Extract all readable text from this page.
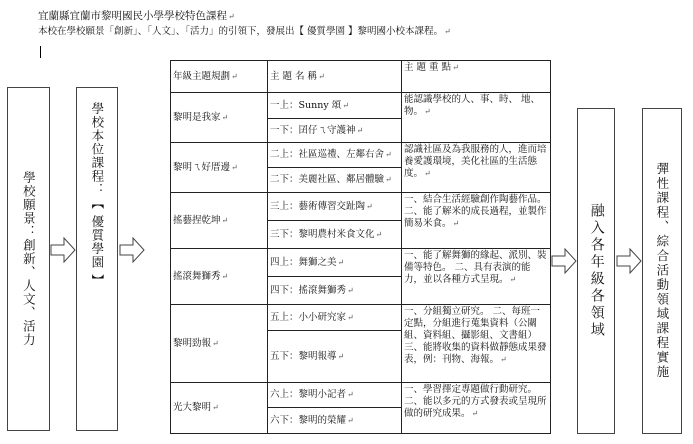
宜蘭縣宜蘭市黎明國民小學學校特色課程↵
本校在學校願景「創新」、「人文」、「活力」的引領下，發展出【 優質學園 】黎明國小校本課程。↵
學校願景：創新、人文、活力	學校本位課程：【 優質學園 】
年級主題規劃↵	主 題 名 稱↵	主 題 重 點↵
黎明是我家↵	一上：Sunny 頌↵	能認識學校的人、事、時、 地、物。↵
	一下：囝仔ㄟ守護神↵	
黎明ㄟ好厝邊↵	二上：社區巡禮、左鄰右舍↵	認識社區及為我服務的人，進而培養愛護環境，美化社區的生活態度。↵
	二下：美麗社區、鄰居體驗↵	
搖藝捏乾坤↵	三上：藝術傳習交趾陶↵	一、結合生活經驗創作陶藝作品。 二、能了解米的成長過程，並製作簡易米食。↵
	三下：黎明農村米食文化↵	
搖滾舞獅秀↵	四上：舞獅之美↵	一、能了解舞獅的緣起、派別、裝備等特色。 二、具有表演的能力，並以各種方式呈現。↵
	四下：搖滾舞獅秀↵	
黎明勁報↵	五上：小小研究家↵	一、分組獨立研究。 二、每班一定點，分組進行蒐集資料（公關組、資料組、攝影組、文書組） 三、能將收集的資料做靜態成果發表，例：刊物、海報。↵
	五下：黎明報導↵	
光大黎明↵	六上：黎明小記者↵	一、學習擇定專題做行動研究。 二、能以多元的方式發表或呈現所做的研究成果。↵
	六下：黎明的榮耀↵	
融入各年級各領域	彈性課程、綜合活動領域課程實施
